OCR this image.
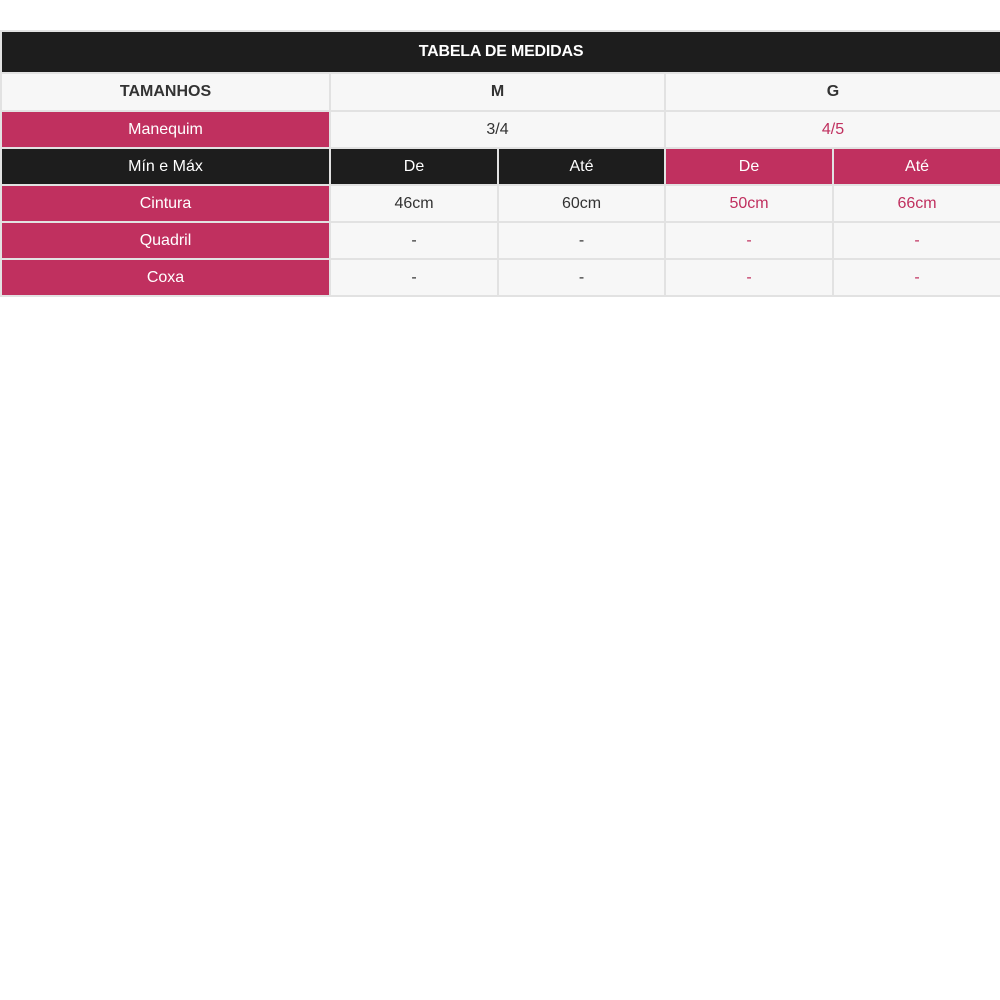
TABELA DE MEDIDAS				
TAMANHOS	M		G	
Manequim	3/4		4/5	
Mín e Máx	De	Até	De	Até
Cintura	46cm	60cm	50cm	66cm
Quadril	-	-	-	-
Coxa	-	-	-	-
